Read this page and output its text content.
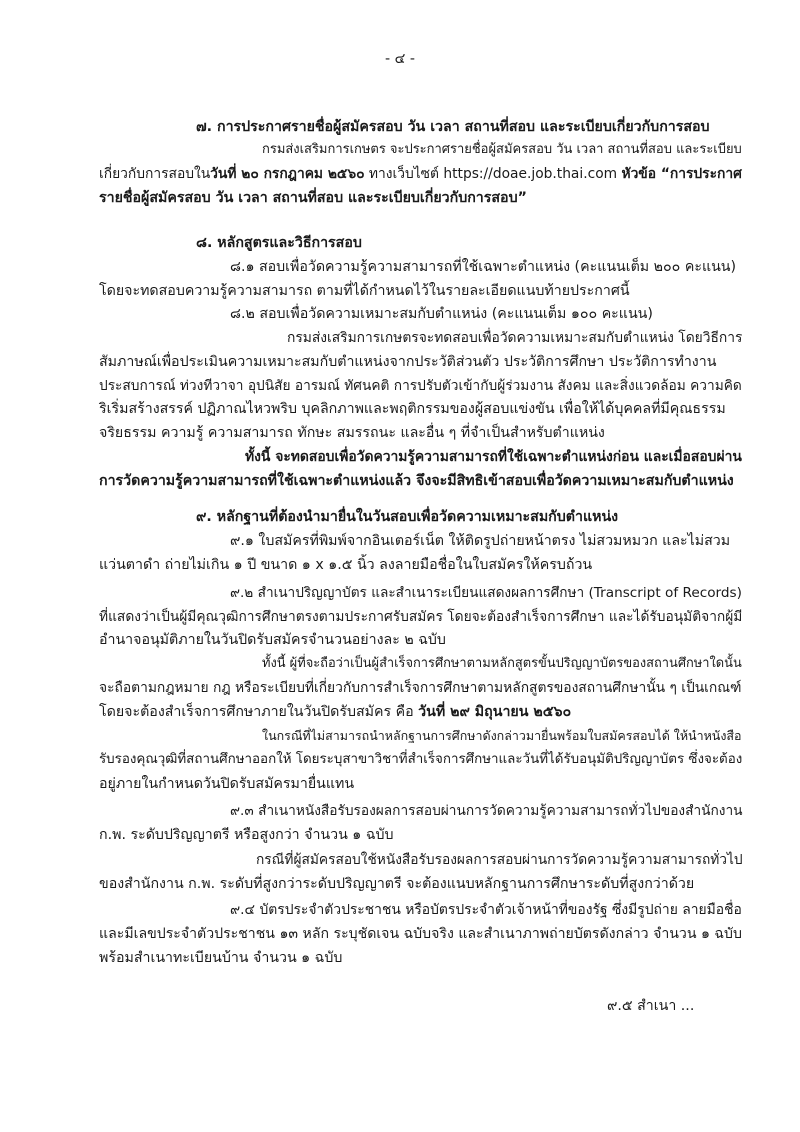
- ๔ -
๗. การประกาศรายชื่อผู้สมัครสอบ วัน เวลา สถานที่สอบ และระเบียบเกี่ยวกับการสอบ
กรมส่งเสริมการเกษตร จะประกาศรายชื่อผู้สมัครสอบ วัน เวลา สถานที่สอบ และระเบียบ
เกี่ยวกับการสอบในวันที่ ๒๐ กรกฎาคม ๒๕๖๐ ทางเว็บไซต์ https://doae.job.thai.com หัวข้อ “การประกาศ
รายชื่อผู้สมัครสอบ วัน เวลา สถานที่สอบ และระเบียบเกี่ยวกับการสอบ”
๘. หลักสูตรและวิธีการสอบ
๘.๑ สอบเพื่อวัดความรู้ความสามารถที่ใช้เฉพาะตำแหน่ง (คะแนนเต็ม ๒๐๐ คะแนน)
โดยจะทดสอบความรู้ความสามารถ ตามที่ได้กำหนดไว้ในรายละเอียดแนบท้ายประกาศนี้
๘.๒ สอบเพื่อวัดความเหมาะสมกับตำแหน่ง (คะแนนเต็ม ๑๐๐ คะแนน)
กรมส่งเสริมการเกษตรจะทดสอบเพื่อวัดความเหมาะสมกับตำแหน่ง โดยวิธีการ
สัมภาษณ์เพื่อประเมินความเหมาะสมกับตำแหน่งจากประวัติส่วนตัว ประวัติการศึกษา ประวัติการทำงาน
ประสบการณ์ ท่วงทีวาจา อุปนิสัย อารมณ์ ทัศนคติ การปรับตัวเข้ากับผู้ร่วมงาน สังคม และสิ่งแวดล้อม ความคิด
ริเริ่มสร้างสรรค์ ปฏิภาณไหวพริบ บุคลิกภาพและพฤติกรรมของผู้สอบแข่งขัน เพื่อให้ได้บุคคลที่มีคุณธรรม
จริยธรรม ความรู้ ความสามารถ ทักษะ สมรรถนะ และอื่น ๆ ที่จำเป็นสำหรับตำแหน่ง
ทั้งนี้ จะทดสอบเพื่อวัดความรู้ความสามารถที่ใช้เฉพาะตำแหน่งก่อน และเมื่อสอบผ่าน
การวัดความรู้ความสามารถที่ใช้เฉพาะตำแหน่งแล้ว จึงจะมีสิทธิเข้าสอบเพื่อวัดความเหมาะสมกับตำแหน่ง
๙. หลักฐานที่ต้องนำมายื่นในวันสอบเพื่อวัดความเหมาะสมกับตำแหน่ง
๙.๑ ใบสมัครที่พิมพ์จากอินเตอร์เน็ต ให้ติดรูปถ่ายหน้าตรง ไม่สวมหมวก และไม่สวม
แว่นตาดำ ถ่ายไม่เกิน ๑ ปี ขนาด ๑ x ๑.๕ นิ้ว ลงลายมือชื่อในใบสมัครให้ครบถ้วน
๙.๒ สำเนาปริญญาบัตร และสำเนาระเบียนแสดงผลการศึกษา (Transcript of Records)
ที่แสดงว่าเป็นผู้มีคุณวุฒิการศึกษาตรงตามประกาศรับสมัคร โดยจะต้องสำเร็จการศึกษา และได้รับอนุมัติจากผู้มี
อำนาจอนุมัติภายในวันปิดรับสมัครจำนวนอย่างละ ๒ ฉบับ
ทั้งนี้ ผู้ที่จะถือว่าเป็นผู้สำเร็จการศึกษาตามหลักสูตรขั้นปริญญาบัตรของสถานศึกษาใดนั้น
จะถือตามกฎหมาย กฎ หรือระเบียบที่เกี่ยวกับการสำเร็จการศึกษาตามหลักสูตรของสถานศึกษานั้น ๆ เป็นเกณฑ์
โดยจะต้องสำเร็จการศึกษาภายในวันปิดรับสมัคร คือ วันที่ ๒๙ มิถุนายน ๒๕๖๐
ในกรณีที่ไม่สามารถนำหลักฐานการศึกษาดังกล่าวมายื่นพร้อมใบสมัครสอบได้ ให้นำหนังสือ
รับรองคุณวุฒิที่สถานศึกษาออกให้ โดยระบุสาขาวิชาที่สำเร็จการศึกษาและวันที่ได้รับอนุมัติปริญญาบัตร ซึ่งจะต้อง
อยู่ภายในกำหนดวันปิดรับสมัครมายื่นแทน
๙.๓ สำเนาหนังสือรับรองผลการสอบผ่านการวัดความรู้ความสามารถทั่วไปของสำนักงาน
ก.พ. ระดับปริญญาตรี หรือสูงกว่า จำนวน ๑ ฉบับ
กรณีที่ผู้สมัครสอบใช้หนังสือรับรองผลการสอบผ่านการวัดความรู้ความสามารถทั่วไป
ของสำนักงาน ก.พ. ระดับที่สูงกว่าระดับปริญญาตรี จะต้องแนบหลักฐานการศึกษาระดับที่สูงกว่าด้วย
๙.๔ บัตรประจำตัวประชาชน หรือบัตรประจำตัวเจ้าหน้าที่ของรัฐ ซึ่งมีรูปถ่าย ลายมือชื่อ
และมีเลขประจำตัวประชาชน ๑๓ หลัก ระบุชัดเจน ฉบับจริง และสำเนาภาพถ่ายบัตรดังกล่าว จำนวน ๑ ฉบับ
พร้อมสำเนาทะเบียนบ้าน จำนวน ๑ ฉบับ
๙.๕ สำเนา ...
